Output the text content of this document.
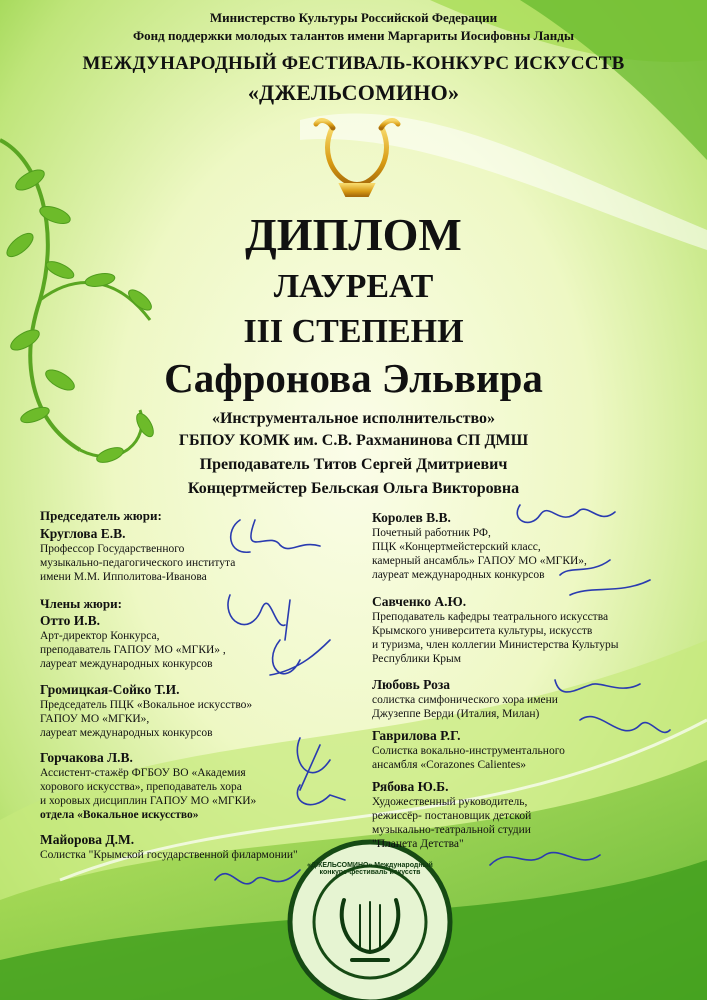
Министерство Культуры Российской Федерации
Фонд поддержки молодых талантов имени Маргариты Иосифовны Ланды
МЕЖДУНАРОДНЫЙ ФЕСТИВАЛЬ-КОНКУРС ИСКУССТВ
«ДЖЕЛЬСОМИНО»
ДИПЛОМ
ЛАУРЕАТ
III СТЕПЕНИ
Сафронова Эльвира
«Инструментальное исполнительство»
ГБПОУ КОМК им. С.В. Рахманинова СП ДМШ
Преподаватель Титов Сергей Дмитриевич
Концертмейстер Бельская Ольга Викторовна
Председатель жюри:
Круглова Е.В.
Профессор Государственного
музыкально-педагогического института
имени М.М. Ипполитова-Иванова
Члены жюри:
Отто И.В.
Арт-директор Конкурса,
преподаватель ГАПОУ МО «МГКИ» ,
лауреат международных конкурсов
Громицкая-Сойко Т.И.
Председатель ПЦК «Вокальное искусство»
ГАПОУ МО «МГКИ»,
лауреат международных конкурсов
Горчакова Л.В.
Ассистент-стажёр ФГБОУ ВО «Академия
хорового искусства», преподаватель хора
и хоровых дисциплин ГАПОУ МО «МГКИ»
отдела «Вокальное искусство»
Майорова Д.М.
Солистка "Крымской государственной филармонии"
Королев В.В.
Почетный работник РФ,
ПЦК «Концертмейстерский класс,
камерный ансамбль» ГАПОУ МО «МГКИ»,
лауреат международных конкурсов
Савченко А.Ю.
Преподаватель кафедры театрального искусства
Крымского университета культуры, искусств
и туризма, член коллегии Министерства Культуры
Республики Крым
Любовь Роза
солистка симфонического хора имени
Джузеппе Верди (Италия, Милан)
Гаврилова Р.Г.
Солистка вокально-инструментального
ансамбля «Corazones Calientes»
Рябова Ю.Б.
Художественный руководитель,
режиссёр- постановщик детской
музыкально-театральной студии
"Планета Детства"
«ДЖЕЛЬСОМИНО» Международный конкурс-фестиваль искусств
